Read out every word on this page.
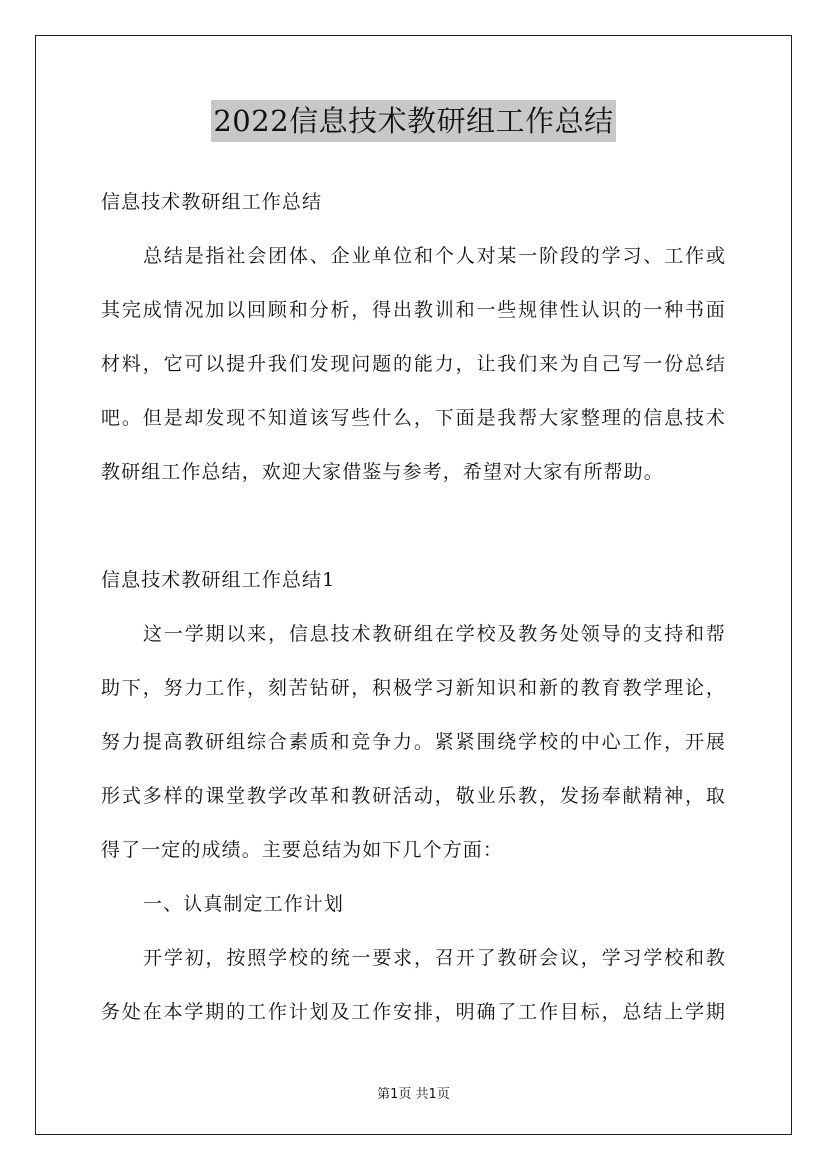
2022信息技术教研组工作总结
信息技术教研组工作总结
总结是指社会团体、企业单位和个人对某一阶段的学习、工作或
其完成情况加以回顾和分析，得出教训和一些规律性认识的一种书面
材料，它可以提升我们发现问题的能力，让我们来为自己写一份总结
吧。但是却发现不知道该写些什么，下面是我帮大家整理的信息技术
教研组工作总结，欢迎大家借鉴与参考，希望对大家有所帮助。
信息技术教研组工作总结1
这一学期以来，信息技术教研组在学校及教务处领导的支持和帮
助下，努力工作，刻苦钻研，积极学习新知识和新的教育教学理论，
努力提高教研组综合素质和竞争力。紧紧围绕学校的中心工作，开展
形式多样的课堂教学改革和教研活动，敬业乐教，发扬奉献精神，取
得了一定的成绩。主要总结为如下几个方面：
一、认真制定工作计划
开学初，按照学校的统一要求，召开了教研会议，学习学校和教
务处在本学期的工作计划及工作安排，明确了工作目标，总结上学期
第1页 共1页
